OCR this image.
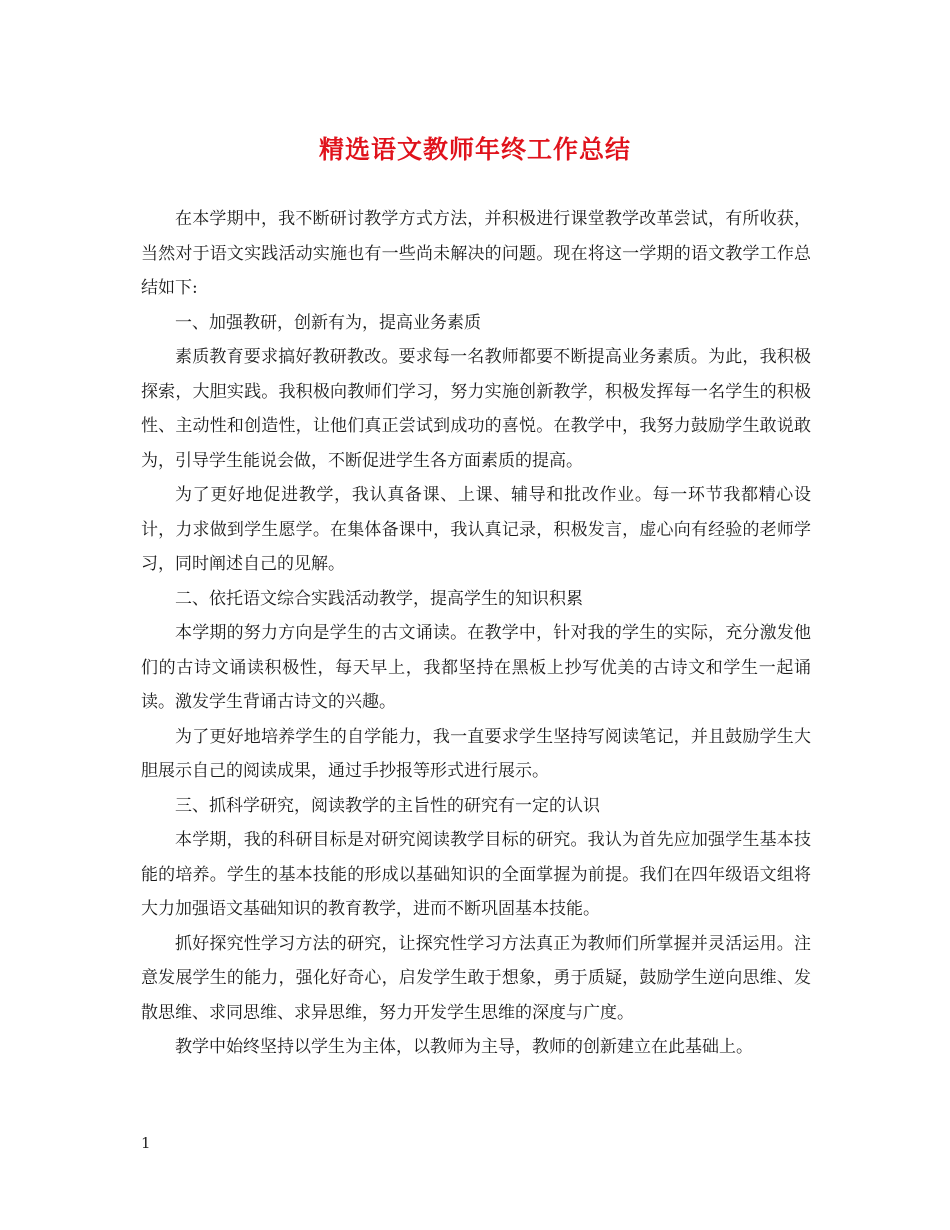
精选语文教师年终工作总结

在本学期中，我不断研讨教学方式方法，并积极进行课堂教学改革尝试，有所收获，当然对于语文实践活动实施也有一些尚未解决的问题。现在将这一学期的语文教学工作总结如下:

一、加强教研，创新有为，提高业务素质

素质教育要求搞好教研教改。要求每一名教师都要不断提高业务素质。为此，我积极探索，大胆实践。我积极向教师们学习，努力实施创新教学，积极发挥每一名学生的积极性、主动性和创造性，让他们真正尝试到成功的喜悦。在教学中，我努力鼓励学生敢说敢为，引导学生能说会做，不断促进学生各方面素质的提高。

为了更好地促进教学，我认真备课、上课、辅导和批改作业。每一环节我都精心设计，力求做到学生愿学。在集体备课中，我认真记录，积极发言，虚心向有经验的老师学习，同时阐述自己的见解。

二、依托语文综合实践活动教学，提高学生的知识积累

本学期的努力方向是学生的古文诵读。在教学中，针对我的学生的实际，充分激发他们的古诗文诵读积极性，每天早上，我都坚持在黑板上抄写优美的古诗文和学生一起诵读。激发学生背诵古诗文的兴趣。

为了更好地培养学生的自学能力，我一直要求学生坚持写阅读笔记，并且鼓励学生大胆展示自己的阅读成果，通过手抄报等形式进行展示。

三、抓科学研究，阅读教学的主旨性的研究有一定的认识

本学期，我的科研目标是对研究阅读教学目标的研究。我认为首先应加强学生基本技能的培养。学生的基本技能的形成以基础知识的全面掌握为前提。我们在四年级语文组将大力加强语文基础知识的教育教学，进而不断巩固基本技能。

抓好探究性学习方法的研究，让探究性学习方法真正为教师们所掌握并灵活运用。注意发展学生的能力，强化好奇心，启发学生敢于想象，勇于质疑，鼓励学生逆向思维、发散思维、求同思维、求异思维，努力开发学生思维的深度与广度。

教学中始终坚持以学生为主体，以教师为主导，教师的创新建立在此基础上。

1
